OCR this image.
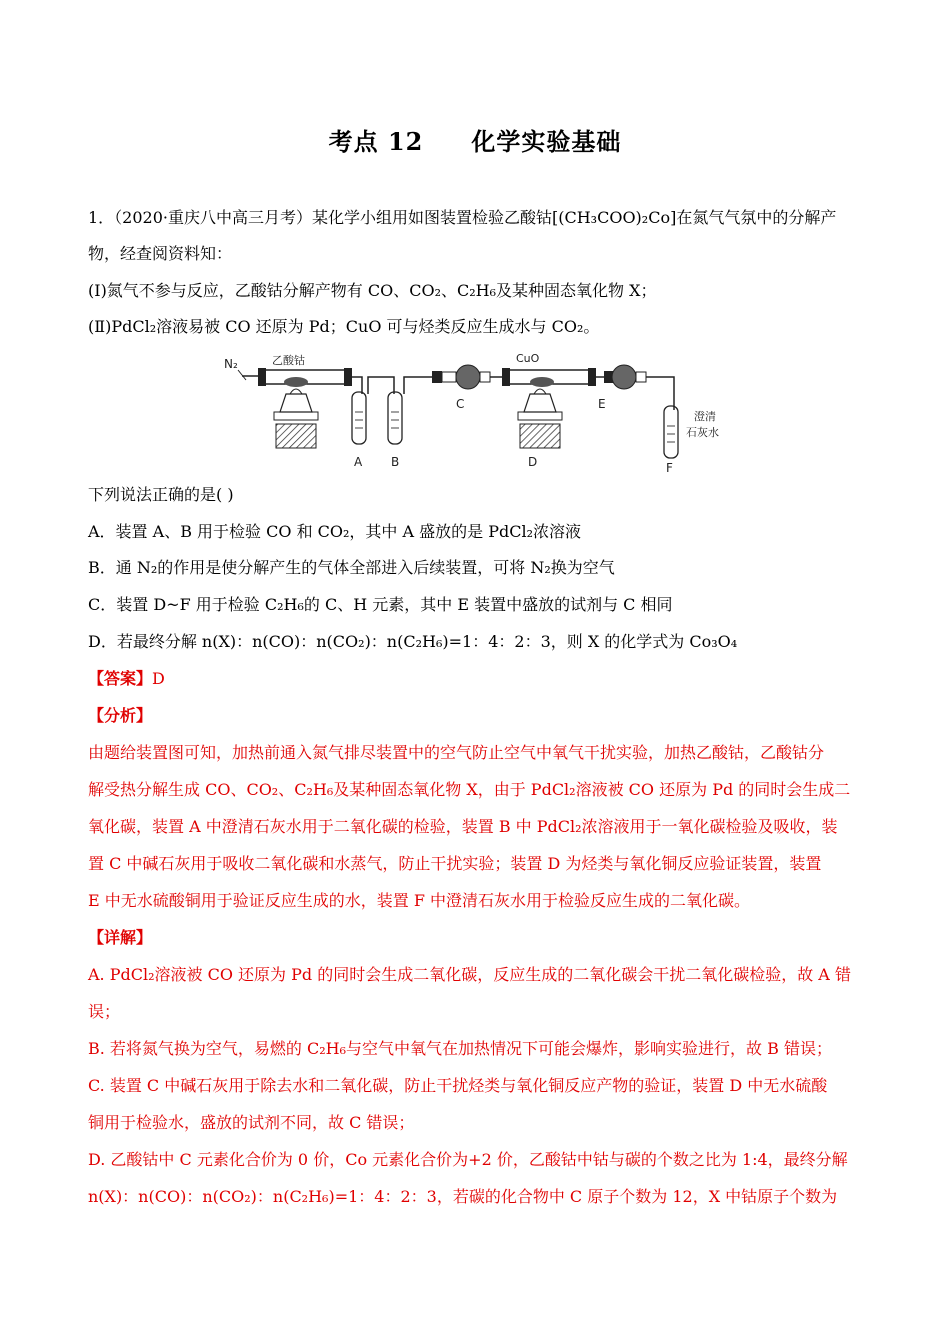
考点 12 化学实验基础
1．（2020·重庆八中高三月考）某化学小组用如图装置检验乙酸钴[(CH₃COO)₂Co]在氮气气氛中的分解产
物，经查阅资料知：
(Ⅰ)氮气不参与反应，乙酸钴分解产物有 CO、CO₂、C₂H₆及某种固态氧化物 X；
(Ⅱ)PdCl₂溶液易被 CO 还原为 Pd；CuO 可与烃类反应生成水与 CO₂。
N₂	乙酸钴
A B
C
CuO
D
E
F
澄清
石灰水
下列说法正确的是( )
A．装置 A、B 用于检验 CO 和 CO₂，其中 A 盛放的是 PdCl₂浓溶液
B．通 N₂的作用是使分解产生的气体全部进入后续装置，可将 N₂换为空气
C．装置 D~F 用于检验 C₂H₆的 C、H 元素，其中 E 装置中盛放的试剂与 C 相同
D．若最终分解 n(X)：n(CO)：n(CO₂)：n(C₂H₆)=1：4：2：3，则 X 的化学式为 Co₃O₄
【答案】D
【分析】
由题给装置图可知，加热前通入氮气排尽装置中的空气防止空气中氧气干扰实验，加热乙酸钴，乙酸钴分
解受热分解生成 CO、CO₂、C₂H₆及某种固态氧化物 X，由于 PdCl₂溶液被 CO 还原为 Pd 的同时会生成二
氧化碳，装置 A 中澄清石灰水用于二氧化碳的检验，装置 B 中 PdCl₂浓溶液用于一氧化碳检验及吸收，装
置 C 中碱石灰用于吸收二氧化碳和水蒸气，防止干扰实验；装置 D 为烃类与氧化铜反应验证装置，装置
E 中无水硫酸铜用于验证反应生成的水，装置 F 中澄清石灰水用于检验反应生成的二氧化碳。
【详解】
A. PdCl₂溶液被 CO 还原为 Pd 的同时会生成二氧化碳，反应生成的二氧化碳会干扰二氧化碳检验，故 A 错
误；
B. 若将氮气换为空气，易燃的 C₂H₆与空气中氧气在加热情况下可能会爆炸，影响实验进行，故 B 错误；
C. 装置 C 中碱石灰用于除去水和二氧化碳，防止干扰烃类与氧化铜反应产物的验证，装置 D 中无水硫酸
铜用于检验水，盛放的试剂不同，故 C 错误；
D. 乙酸钴中 C 元素化合价为 0 价，Co 元素化合价为+2 价，乙酸钴中钴与碳的个数之比为 1:4，最终分解
n(X)：n(CO)：n(CO₂)：n(C₂H₆)=1：4：2：3，若碳的化合物中 C 原子个数为 12，X 中钴原子个数为
